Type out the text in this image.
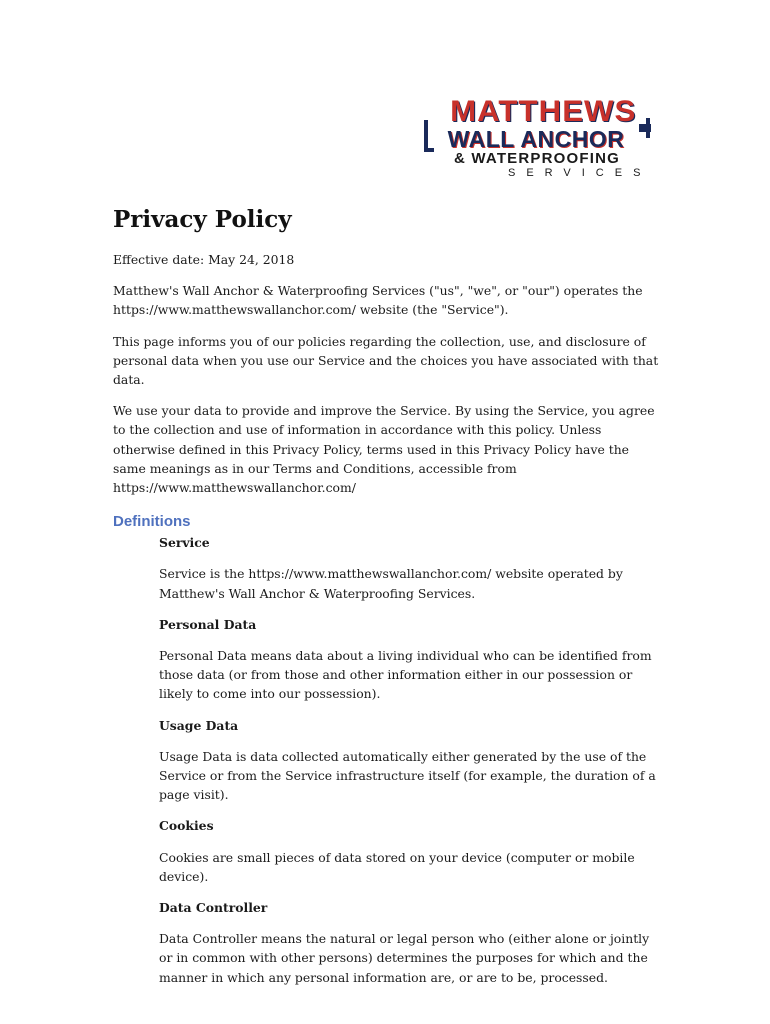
MATTHEWS
WALL ANCHOR
& WATERPROOFING
SERVICES
Privacy Policy

Effective date: May 24, 2018

Matthew's Wall Anchor & Waterproofing Services ("us", "we", or "our") operates the https://www.matthewswallanchor.com/ website (the "Service").

This page informs you of our policies regarding the collection, use, and disclosure of personal data when you use our Service and the choices you have associated with that data.

We use your data to provide and improve the Service. By using the Service, you agree to the collection and use of information in accordance with this policy. Unless otherwise defined in this Privacy Policy, terms used in this Privacy Policy have the same meanings as in our Terms and Conditions, accessible from https://www.matthewswallanchor.com/

Definitions

Service

Service is the https://www.matthewswallanchor.com/ website operated by Matthew's Wall Anchor & Waterproofing Services.

Personal Data

Personal Data means data about a living individual who can be identified from those data (or from those and other information either in our possession or likely to come into our possession).

Usage Data

Usage Data is data collected automatically either generated by the use of the Service or from the Service infrastructure itself (for example, the duration of a page visit).

Cookies

Cookies are small pieces of data stored on your device (computer or mobile device).

Data Controller

Data Controller means the natural or legal person who (either alone or jointly or in common with other persons) determines the purposes for which and the manner in which any personal information are, or are to be, processed.
